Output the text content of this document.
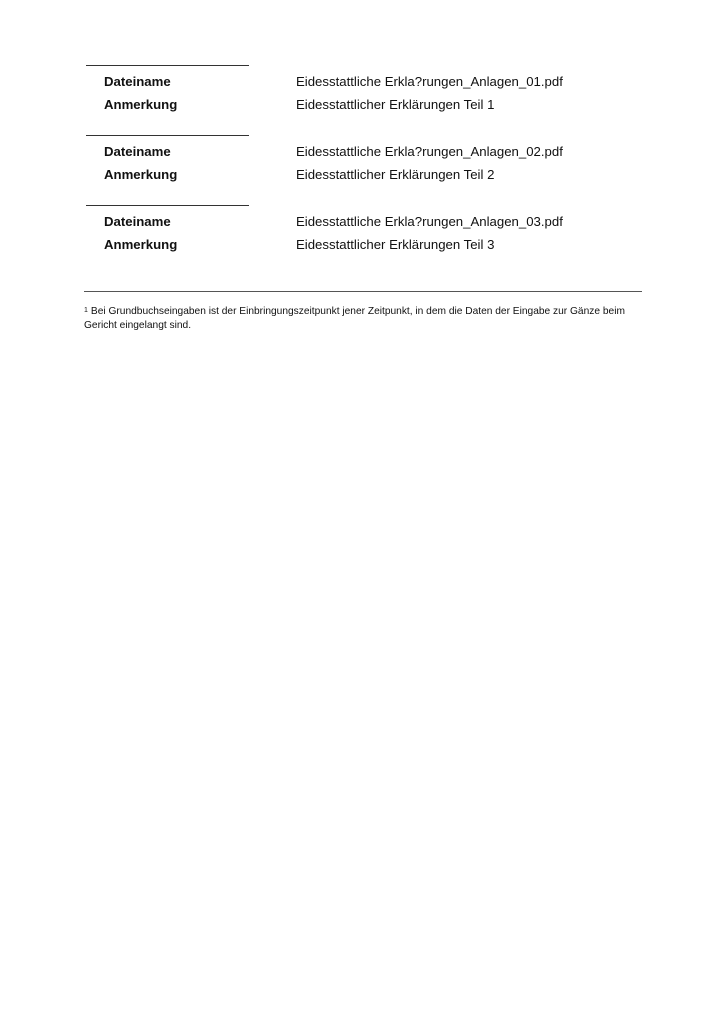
Dateiname	Eidesstattliche Erkla?rungen_Anlagen_01.pdf
Anmerkung	Eidesstattlicher Erklärungen Teil 1
Dateiname	Eidesstattliche Erkla?rungen_Anlagen_02.pdf
Anmerkung	Eidesstattlicher Erklärungen Teil 2
Dateiname	Eidesstattliche Erkla?rungen_Anlagen_03.pdf
Anmerkung	Eidesstattlicher Erklärungen Teil 3
$^1$ Bei Grundbuchseingaben ist der Einbringungszeitpunkt jener Zeitpunkt, in dem die Daten der Eingabe zur Gänze beim Gericht eingelangt sind.
